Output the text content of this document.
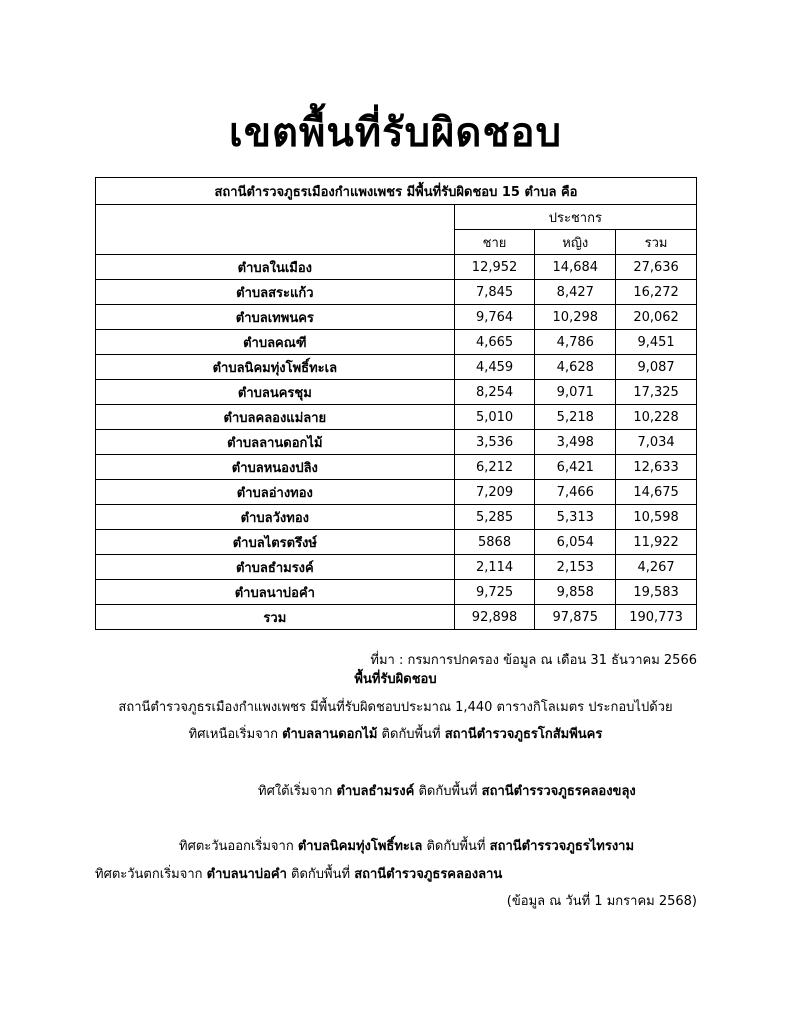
เขตพื้นที่รับผิดชอบ
สถานีตำรวจภูธรเมืองกำแพงเพชร มีพื้นที่รับผิดชอบ 15 ตำบล คือ			
	ประชากร		
	ชาย	หญิง	รวม
ตำบลในเมือง	12,952	14,684	27,636
ตำบลสระแก้ว	7,845	8,427	16,272
ตำบลเทพนคร	9,764	10,298	20,062
ตำบลคณฑี	4,665	4,786	9,451
ตำบลนิคมทุ่งโพธิ์ทะเล	4,459	4,628	9,087
ตำบลนครชุม	8,254	9,071	17,325
ตำบลคลองแม่ลาย	5,010	5,218	10,228
ตำบลลานดอกไม้	3,536	3,498	7,034
ตำบลหนองปลิง	6,212	6,421	12,633
ตำบลอ่างทอง	7,209	7,466	14,675
ตำบลวังทอง	5,285	5,313	10,598
ตำบลไตรตรึงษ์	5868	6,054	11,922
ตำบลธำมรงค์	2,114	2,153	4,267
ตำบลนาบ่อคำ	9,725	9,858	19,583
รวม	92,898	97,875	190,773
ที่มา : กรมการปกครอง ข้อมูล ณ เดือน 31 ธันวาคม 2566
พื้นที่รับผิดชอบ
สถานีตำรวจภูธรเมืองกำแพงเพชร มีพื้นที่รับผิดชอบประมาณ 1,440 ตารางกิโลเมตร ประกอบไปด้วย
ทิศเหนือเริ่มจาก ตำบลลานดอกไม้ ติดกับพื้นที่ สถานีตำรวจภูธรโกสัมพีนคร
ทิศใต้เริ่มจาก ตำบลธำมรงค์ ติดกับพื้นที่ สถานีตำรรวจภูธรคลองขลุง
ทิศตะวันออกเริ่มจาก ตำบลนิคมทุ่งโพธิ์ทะเล ติดกับพื้นที่ สถานีตำรรวจภูธรไทรงาม
ทิศตะวันตกเริ่มจาก ตำบลนาบ่อคำ ติดกับพื้นที่ สถานีตำรวจภูธรคลองลาน
(ข้อมูล ณ วันที่ 1 มกราคม 2568)
